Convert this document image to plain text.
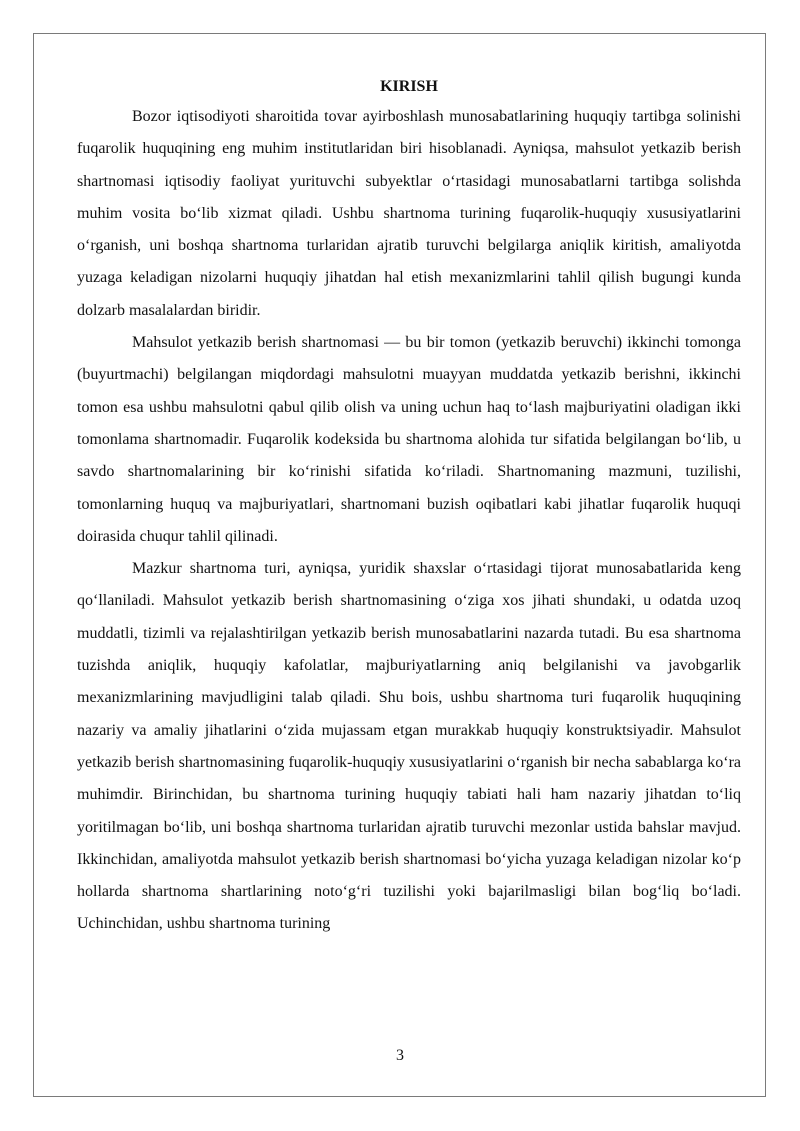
KIRISH

Bozor iqtisodiyoti sharoitida tovar ayirboshlash munosabatlarining huquqiy tartibga solinishi fuqarolik huquqining eng muhim institutlaridan biri hisoblanadi. Ayniqsa, mahsulot yetkazib berish shartnomasi iqtisodiy faoliyat yurituvchi subyektlar oʻrtasidagi munosabatlarni tartibga solishda muhim vosita boʻlib xizmat qiladi. Ushbu shartnoma turining fuqarolik-huquqiy xususiyatlarini oʻrganish, uni boshqa shartnoma turlaridan ajratib turuvchi belgilarga aniqlik kiritish, amaliyotda yuzaga keladigan nizolarni huquqiy jihatdan hal etish mexanizmlarini tahlil qilish bugungi kunda dolzarb masalalardan biridir.

Mahsulot yetkazib berish shartnomasi — bu bir tomon (yetkazib beruvchi) ikkinchi tomonga (buyurtmachi) belgilangan miqdordagi mahsulotni muayyan muddatda yetkazib berishni, ikkinchi tomon esa ushbu mahsulotni qabul qilib olish va uning uchun haq toʻlash majburiyatini oladigan ikki tomonlama shartnomadir. Fuqarolik kodeksida bu shartnoma alohida tur sifatida belgilangan boʻlib, u savdo shartnomalarining bir koʻrinishi sifatida koʻriladi. Shartnomaning mazmuni, tuzilishi, tomonlarning huquq va majburiyatlari, shartnomani buzish oqibatlari kabi jihatlar fuqarolik huquqi doirasida chuqur tahlil qilinadi.

Mazkur shartnoma turi, ayniqsa, yuridik shaxslar oʻrtasidagi tijorat munosabatlarida keng qoʻllaniladi. Mahsulot yetkazib berish shartnomasining oʻziga xos jihati shundaki, u odatda uzoq muddatli, tizimli va rejalashtirilgan yetkazib berish munosabatlarini nazarda tutadi. Bu esa shartnoma tuzishda aniqlik, huquqiy kafolatlar, majburiyatlarning aniq belgilanishi va javobgarlik mexanizmlarining mavjudligini talab qiladi. Shu bois, ushbu shartnoma turi fuqarolik huquqining nazariy va amaliy jihatlarini oʻzida mujassam etgan murakkab huquqiy konstruktsiyadir. Mahsulot yetkazib berish shartnomasining fuqarolik-huquqiy xususiyatlarini oʻrganish bir necha sabablarga koʻra muhimdir. Birinchidan, bu shartnoma turining huquqiy tabiati hali ham nazariy jihatdan toʻliq yoritilmagan boʻlib, uni boshqa shartnoma turlaridan ajratib turuvchi mezonlar ustida bahslar mavjud. Ikkinchidan, amaliyotda mahsulot yetkazib berish shartnomasi boʻyicha yuzaga keladigan nizolar koʻp hollarda shartnoma shartlarining notoʻgʻri tuzilishi yoki bajarilmasligi bilan bogʻliq boʻladi. Uchinchidan, ushbu shartnoma turining

3
